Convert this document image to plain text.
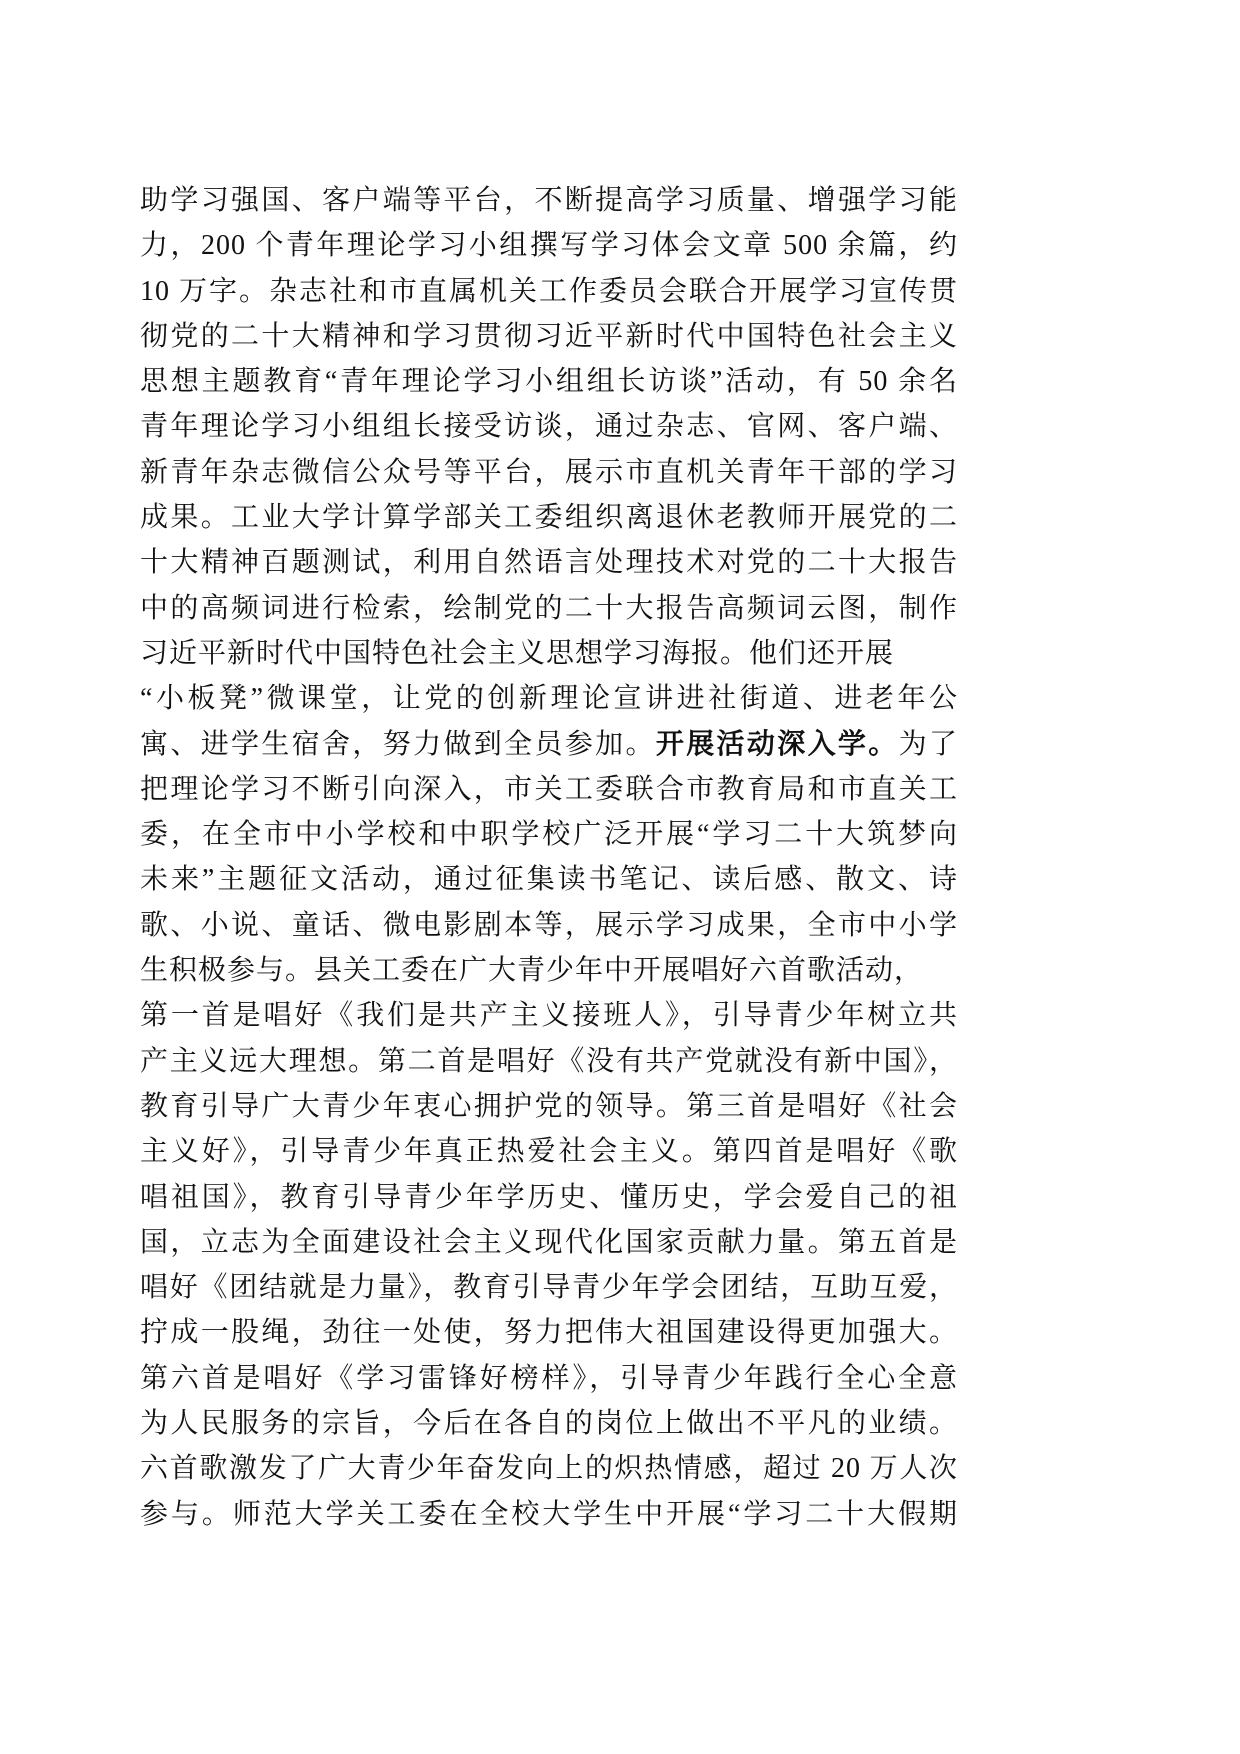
助学习强国、客户端等平台，不断提高学习质量、增强学习能
力，200 个青年理论学习小组撰写学习体会文章 500 余篇，约
10 万字。杂志社和市直属机关工作委员会联合开展学习宣传贯
彻党的二十大精神和学习贯彻习近平新时代中国特色社会主义
思想主题教育“青年理论学习小组组长访谈”活动，有 50 余名
青年理论学习小组组长接受访谈，通过杂志、官网、客户端、
新青年杂志微信公众号等平台，展示市直机关青年干部的学习
成果。工业大学计算学部关工委组织离退休老教师开展党的二
十大精神百题测试，利用自然语言处理技术对党的二十大报告
中的高频词进行检索，绘制党的二十大报告高频词云图，制作
习近平新时代中国特色社会主义思想学习海报。他们还开展
“小板凳”微课堂，让党的创新理论宣讲进社街道、进老年公
寓、进学生宿舍，努力做到全员参加。开展活动深入学。为了
把理论学习不断引向深入，市关工委联合市教育局和市直关工
委，在全市中小学校和中职学校广泛开展“学习二十大筑梦向
未来”主题征文活动，通过征集读书笔记、读后感、散文、诗
歌、小说、童话、微电影剧本等，展示学习成果，全市中小学
生积极参与。县关工委在广大青少年中开展唱好六首歌活动，
第一首是唱好《我们是共产主义接班人》，引导青少年树立共
产主义远大理想。第二首是唱好《没有共产党就没有新中国》，
教育引导广大青少年衷心拥护党的领导。第三首是唱好《社会
主义好》，引导青少年真正热爱社会主义。第四首是唱好《歌
唱祖国》，教育引导青少年学历史、懂历史，学会爱自己的祖
国，立志为全面建设社会主义现代化国家贡献力量。第五首是
唱好《团结就是力量》，教育引导青少年学会团结，互助互爱，
拧成一股绳，劲往一处使，努力把伟大祖国建设得更加强大。
第六首是唱好《学习雷锋好榜样》，引导青少年践行全心全意
为人民服务的宗旨，今后在各自的岗位上做出不平凡的业绩。
六首歌激发了广大青少年奋发向上的炽热情感，超过 20 万人次
参与。师范大学关工委在全校大学生中开展“学习二十大假期
